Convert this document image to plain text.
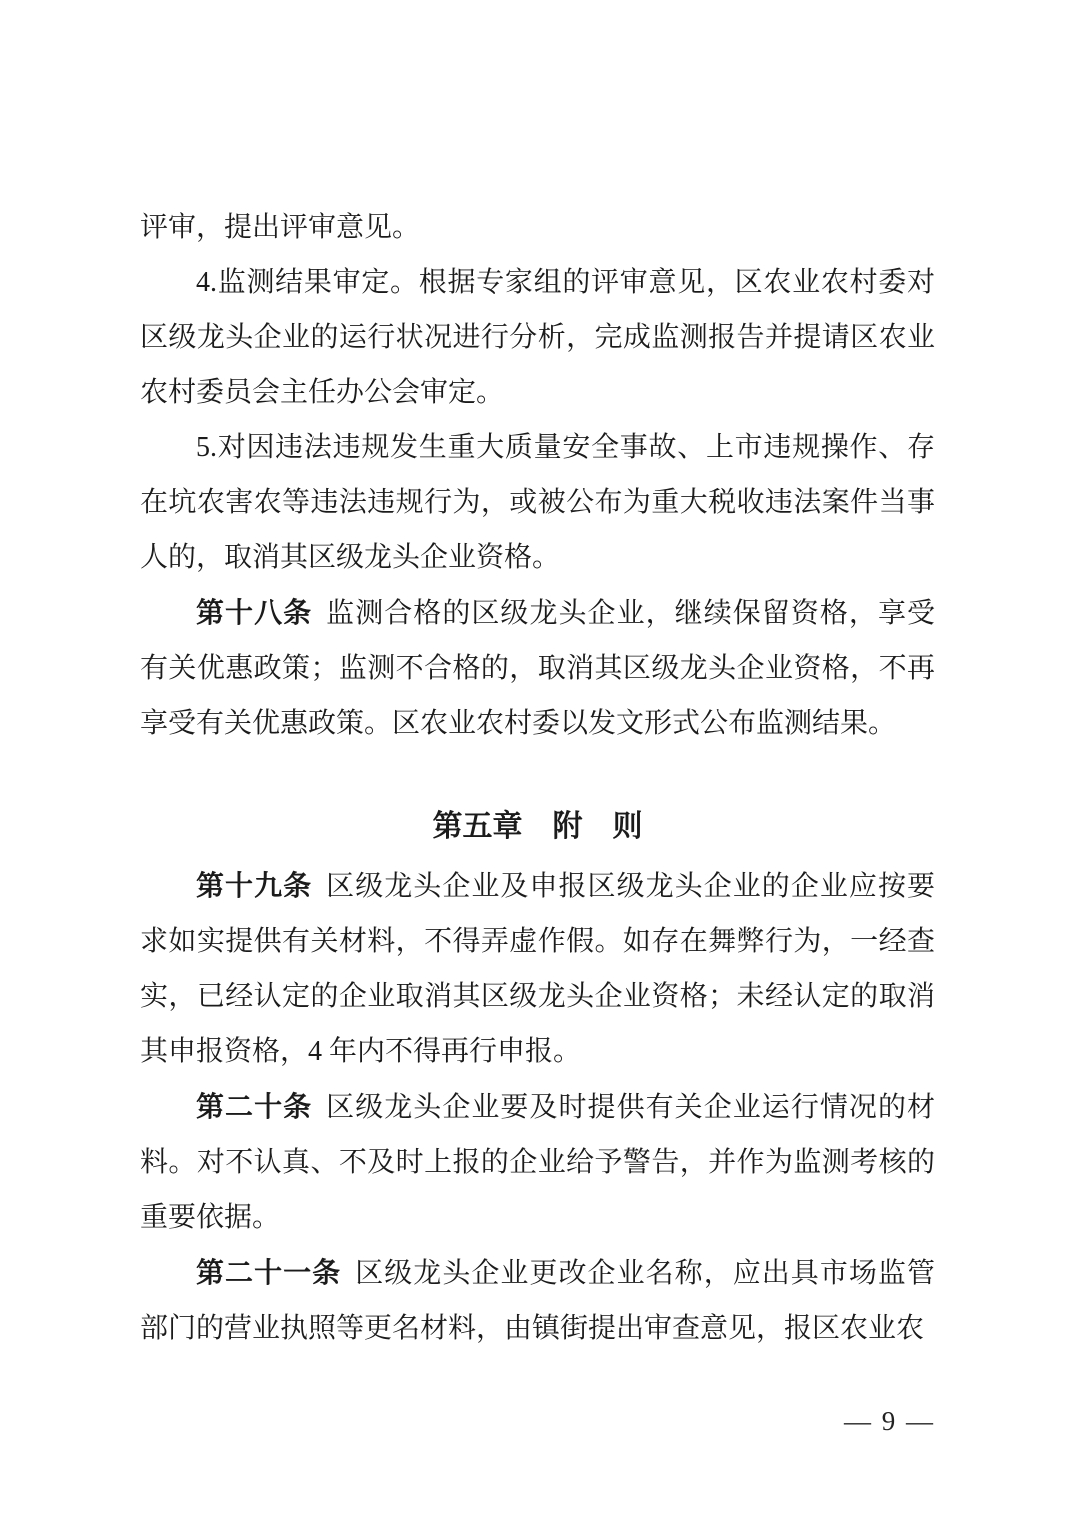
评审，提出评审意见。

4.监测结果审定。根据专家组的评审意见，区农业农村委对区级龙头企业的运行状况进行分析，完成监测报告并提请区农业农村委员会主任办公会审定。

5.对因违法违规发生重大质量安全事故、上市违规操作、存在坑农害农等违法违规行为，或被公布为重大税收违法案件当事人的，取消其区级龙头企业资格。

第十八条 监测合格的区级龙头企业，继续保留资格，享受有关优惠政策；监测不合格的，取消其区级龙头企业资格，不再享受有关优惠政策。区农业农村委以发文形式公布监测结果。

第五章　附　则

第十九条 区级龙头企业及申报区级龙头企业的企业应按要求如实提供有关材料，不得弄虚作假。如存在舞弊行为，一经查实，已经认定的企业取消其区级龙头企业资格；未经认定的取消其申报资格，4 年内不得再行申报。

第二十条 区级龙头企业要及时提供有关企业运行情况的材料。对不认真、不及时上报的企业给予警告，并作为监测考核的重要依据。

第二十一条 区级龙头企业更改企业名称，应出具市场监管部门的营业执照等更名材料，由镇街提出审查意见，报区农业农

— 9 —
